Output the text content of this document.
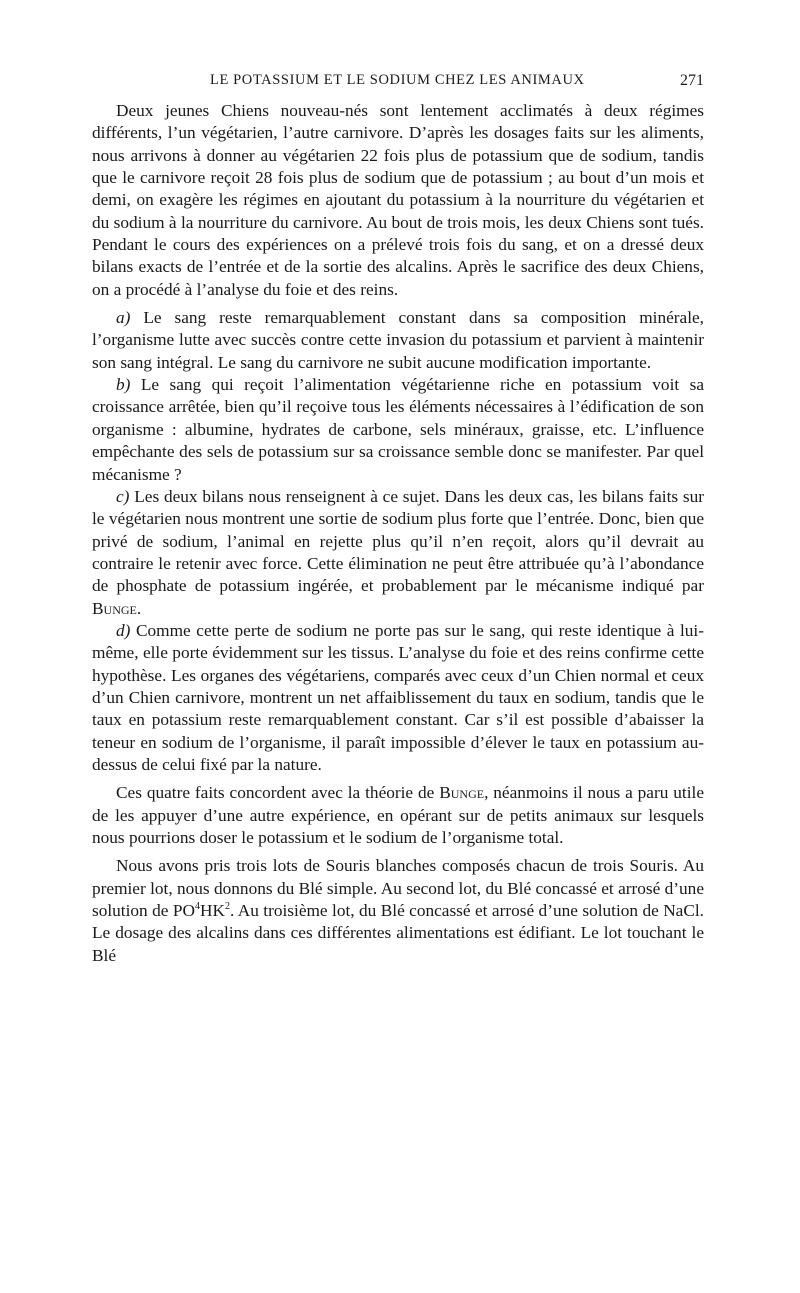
LE POTASSIUM ET LE SODIUM CHEZ LES ANIMAUX	271

Deux jeunes Chiens nouveau-nés sont lentement acclimatés à deux régimes différents, l’un végétarien, l’autre carnivore. D’après les dosages faits sur les aliments, nous arrivons à donner au végétarien 22 fois plus de potassium que de sodium, tandis que le carnivore reçoit 28 fois plus de sodium que de potassium ; au bout d’un mois et demi, on exagère les régimes en ajoutant du potassium à la nourriture du végétarien et du sodium à la nourriture du carnivore. Au bout de trois mois, les deux Chiens sont tués. Pendant le cours des expériences on a prélevé trois fois du sang, et on a dressé deux bilans exacts de l’entrée et de la sortie des alcalins. Après le sacrifice des deux Chiens, on a procédé à l’analyse du foie et des reins.

a) Le sang reste remarquablement constant dans sa composition minérale, l’organisme lutte avec succès contre cette invasion du potassium et parvient à maintenir son sang intégral. Le sang du carnivore ne subit aucune modification importante.

b) Le sang qui reçoit l’alimentation végétarienne riche en potassium voit sa croissance arrêtée, bien qu’il reçoive tous les éléments nécessaires à l’édification de son organisme : albumine, hydrates de carbone, sels minéraux, graisse, etc. L’influence empêchante des sels de potassium sur sa croissance semble donc se manifester. Par quel mécanisme ?

c) Les deux bilans nous renseignent à ce sujet. Dans les deux cas, les bilans faits sur le végétarien nous montrent une sortie de sodium plus forte que l’entrée. Donc, bien que privé de sodium, l’animal en rejette plus qu’il n’en reçoit, alors qu’il devrait au contraire le retenir avec force. Cette élimination ne peut être attribuée qu’à l’abondance de phosphate de potassium ingérée, et probablement par le mécanisme indiqué par Bunge.

d) Comme cette perte de sodium ne porte pas sur le sang, qui reste identique à lui-même, elle porte évidemment sur les tissus. L’analyse du foie et des reins confirme cette hypothèse. Les organes des végétariens, comparés avec ceux d’un Chien normal et ceux d’un Chien carnivore, montrent un net affaiblissement du taux en sodium, tandis que le taux en potassium reste remarquablement constant. Car s’il est possible d’abaisser la teneur en sodium de l’organisme, il paraît impossible d’élever le taux en potassium au-dessus de celui fixé par la nature.

Ces quatre faits concordent avec la théorie de Bunge, néanmoins il nous a paru utile de les appuyer d’une autre expérience, en opérant sur de petits animaux sur lesquels nous pourrions doser le potassium et le sodium de l’organisme total.

Nous avons pris trois lots de Souris blanches composés chacun de trois Souris. Au premier lot, nous donnons du Blé simple. Au second lot, du Blé concassé et arrosé d’une solution de $PO^4HK^2$. Au troisième lot, du Blé concassé et arrosé d’une solution de NaCl. Le dosage des alcalins dans ces différentes alimentations est édifiant. Le lot touchant le Blé
